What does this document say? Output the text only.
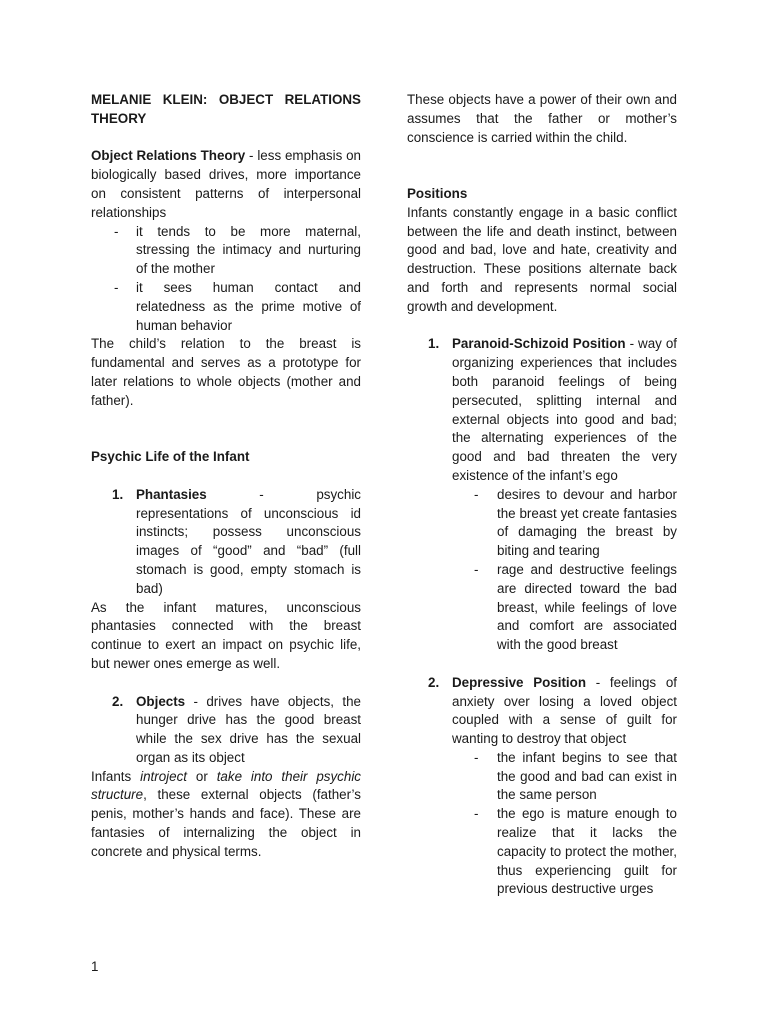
MELANIE KLEIN: OBJECT RELATIONS THEORY

Object Relations Theory - less emphasis on biologically based drives, more importance on consistent patterns of interpersonal relationships

- it tends to be more maternal, stressing the intimacy and nurturing of the mother
- it sees human contact and relatedness as the prime motive of human behavior

The child’s relation to the breast is fundamental and serves as a prototype for later relations to whole objects (mother and father).

Psychic Life of the Infant

1. Phantasies	-	psychic

representations of unconscious id instincts; possess unconscious images of “good” and “bad” (full stomach is good, empty stomach is bad)

As the infant matures, unconscious phantasies connected with the breast continue to exert an impact on psychic life, but newer ones emerge as well.

2. Objects - drives have objects, the hunger drive has the good breast while the sex drive has the sexual organ as its object

Infants introject or take into their psychic structure, these external objects (father’s penis, mother’s hands and face). These are fantasies of internalizing the object in concrete and physical terms.

These objects have a power of their own and assumes that the father or mother’s conscience is carried within the child.

Positions

Infants constantly engage in a basic conflict between the life and death instinct, between good and bad, love and hate, creativity and destruction. These positions alternate back and forth and represents normal social growth and development.

1. Paranoid-Schizoid Position - way of organizing experiences that includes both paranoid feelings of being persecuted, splitting internal and external objects into good and bad; the alternating experiences of the good and bad threaten the very existence of the infant’s ego

- desires to devour and harbor the breast yet create fantasies of damaging the breast by biting and tearing
- rage and destructive feelings are directed toward the bad breast, while feelings of love and comfort are associated with the good breast
2. Depressive Position - feelings of anxiety over losing a loved object coupled with a sense of guilt for wanting to destroy that object

- the infant begins to see that the good and bad can exist in the same person
- the ego is mature enough to realize that it lacks the capacity to protect the mother, thus experiencing guilt for previous destructive urges
1
